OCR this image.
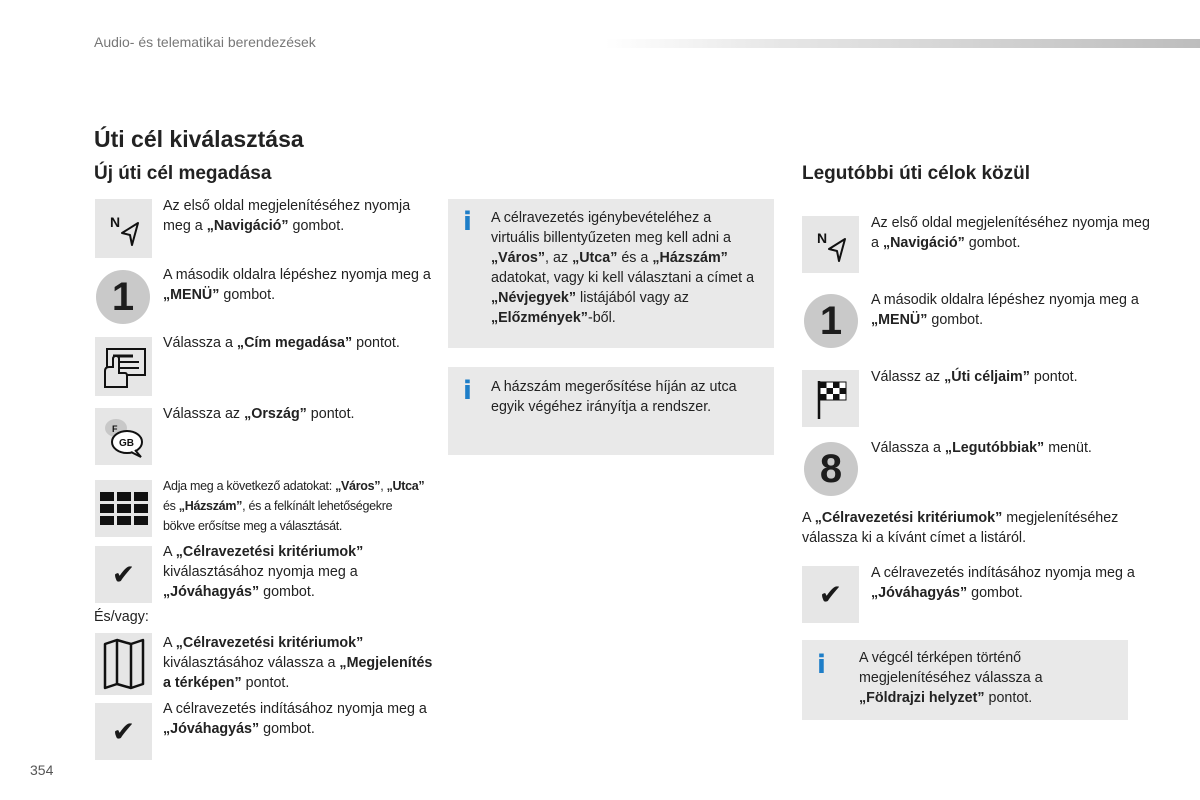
Audio- és telematikai berendezések
Úti cél kiválasztása
Új úti cél megadása
N
Az első oldal megjelenítéséhez nyomja meg a „Navigáció” gombot.
1	A második oldalra lépéshez nyomja meg a „MENÜ” gombot.
Válassza a „Cím megadása” pontot.
F
GB
Válassza az „Ország” pontot.
Adja meg a következő adatokat: „Város”, „Utca” és „Házszám”, és a felkínált lehetőségekre bökve erősítse meg a választását.
✔
A „Célravezetési kritériumok” kiválasztásához nyomja meg a „Jóváhagyás” gombot.
És/vagy:
A „Célravezetési kritériumok” kiválasztásához válassza a „Megjelenítés a térképen” pontot.
✔
A célravezetés indításához nyomja meg a „Jóváhagyás” gombot.
i A célravezetés igénybevételéhez a virtuális billentyűzeten meg kell adni a „Város”, az „Utca” és a „Házszám” adatokat, vagy ki kell választani a címet a „Névjegyek” listájából vagy az „Előzmények”-ből.
i A házszám megerősítése híján az utca egyik végéhez irányítja a rendszer.
Legutóbbi úti célok közül
N
Az első oldal megjelenítéséhez nyomja meg a „Navigáció” gombot.
1	A második oldalra lépéshez nyomja meg a „MENÜ” gombot.
Válassz az „Úti céljaim” pontot.
8	Válassza a „Legutóbbiak” menüt.
A „Célravezetési kritériumok” megjelenítéséhez válassza ki a kívánt címet a listáról.
✔
A célravezetés indításához nyomja meg a „Jóváhagyás” gombot.
i A végcél térképen történő megjelenítéséhez válassza a „Földrajzi helyzet” pontot.
354
